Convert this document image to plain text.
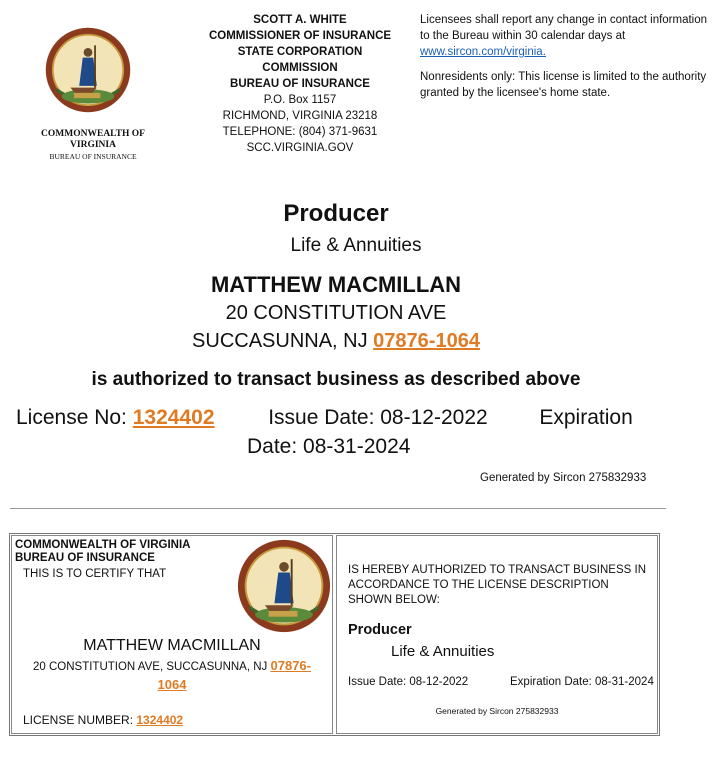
COMMONWEALTH OF
VIRGINIA
BUREAU OF INSURANCE
SCOTT A. WHITE
COMMISSIONER OF INSURANCE
STATE CORPORATION
COMMISSION
BUREAU OF INSURANCE
P.O. Box 1157
RICHMOND, VIRGINIA 23218
TELEPHONE: (804) 371-9631
SCC.VIRGINIA.GOV

Licensees shall report any change in contact information to the Bureau within 30 calendar days at www.sircon.com/virginia.

Nonresidents only: This license is limited to the authority granted by the licensee's home state.

Producer
Life & Annuities
MATTHEW MACMILLAN
20 CONSTITUTION AVE
SUCCASUNNA, NJ 07876-1064
is authorized to transact business as described above
License No: 1324402	Issue Date: 08-12-2022 Expiration
Date: 08-31-2024
Generated by Sircon 275832933
COMMONWEALTH OF VIRGINIA
BUREAU OF INSURANCE
THIS IS TO CERTIFY THAT
MATTHEW MACMILLAN
20 CONSTITUTION AVE, SUCCASUNNA, NJ 07876-
1064
LICENSE NUMBER: 1324402
IS HEREBY AUTHORIZED TO TRANSACT BUSINESS IN ACCORDANCE TO THE LICENSE DESCRIPTION SHOWN BELOW:
Producer
Life & Annuities
Issue Date: 08-12-2022	Expiration Date: 08-31-2024
Generated by Sircon 275832933
